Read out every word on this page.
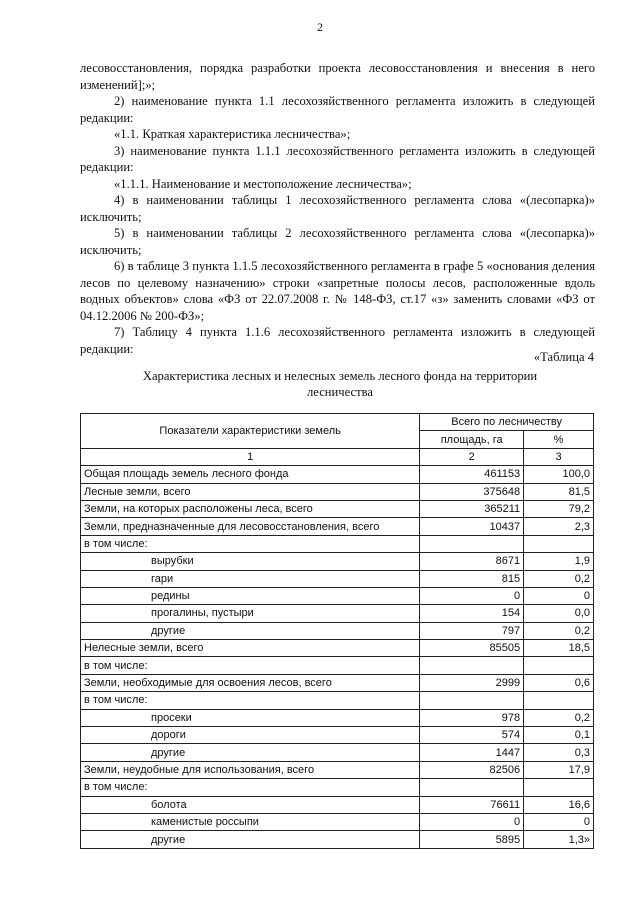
2

лесовосстановления, порядка разработки проекта лесовосстановления и внесения в него изменений];»;

2) наименование пункта 1.1 лесохозяйственного регламента изложить в следующей редакции:

«1.1. Краткая характеристика лесничества»;

3) наименование пункта 1.1.1 лесохозяйственного регламента изложить в следующей редакции:

«1.1.1. Наименование и местоположение лесничества»;

4) в наименовании таблицы 1 лесохозяйственного регламента слова «(лесопарка)» исключить;

5) в наименовании таблицы 2 лесохозяйственного регламента слова «(лесопарка)» исключить;

6) в таблице 3 пункта 1.1.5 лесохозяйственного регламента в графе 5 «основания деления лесов по целевому назначению» строки «запретные полосы лесов, расположенные вдоль водных объектов» слова «ФЗ от 22.07.2008 г. № 148-ФЗ, ст.17 «з» заменить словами «ФЗ от 04.12.2006 № 200-ФЗ»;

7) Таблицу 4 пункта 1.1.6 лесохозяйственного регламента изложить в следующей редакции:

«Таблица 4
Характеристика лесных и нелесных земель лесного фонда на территории лесничества
Показатели характеристики земель	Всего по лесничеству	
	площадь, га	%
1	2	3
Общая площадь земель лесного фонда	461153	100,0
Лесные земли, всего	375648	81,5
Земли, на которых расположены леса, всего	365211	79,2
Земли, предназначенные для лесовосстановления, всего	10437	2,3
в том числе:		
вырубки	8671	1,9
гари	815	0,2
редины	0	0
прогалины, пустыри	154	0,0
другие	797	0,2
Нелесные земли, всего	85505	18,5
в том числе:		
Земли, необходимые для освоения лесов, всего	2999	0,6
в том числе:		
просеки	978	0,2
дороги	574	0,1
другие	1447	0,3
Земли, неудобные для использования, всего	82506	17,9
в том числе:		
болота	76611	16,6
каменистые россыпи	0	0
другие	5895	1,3»
